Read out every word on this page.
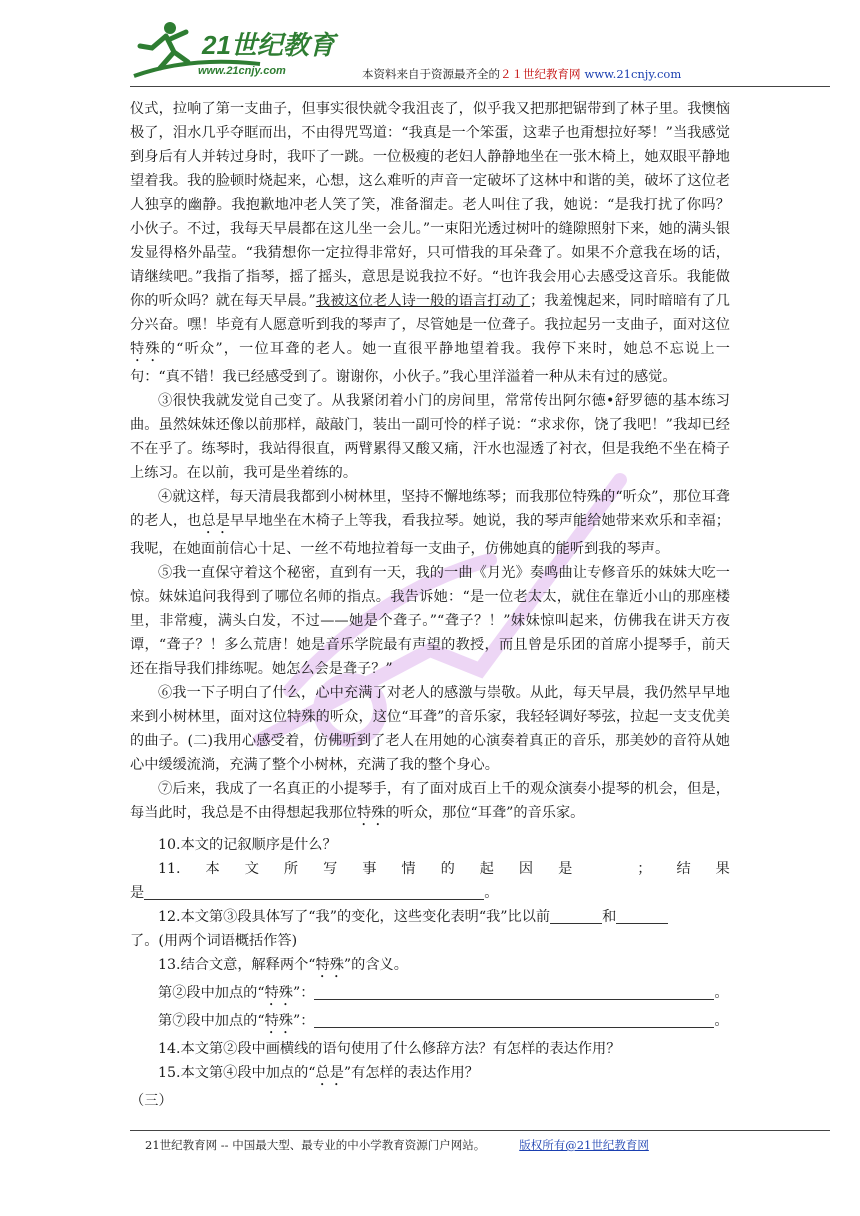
21世纪教育
www.21cnjy.com	本资料来自于资源最齐全的２１世纪教育网 www.21cnjy.com

仪式，拉响了第一支曲子，但事实很快就令我沮丧了，似乎我又把那把锯带到了林子里。我懊恼极了，泪水几乎夺眶而出，不由得咒骂道：“我真是一个笨蛋，这辈子也甭想拉好琴！”当我感觉到身后有人并转过身时，我吓了一跳。一位极瘦的老妇人静静地坐在一张木椅上，她双眼平静地望着我。我的脸顿时烧起来，心想，这么难听的声音一定破坏了这林中和谐的美，破坏了这位老人独享的幽静。我抱歉地冲老人笑了笑，准备溜走。老人叫住了我，她说：“是我打扰了你吗？小伙子。不过，我每天早晨都在这儿坐一会儿。”一束阳光透过树叶的缝隙照射下来，她的满头银发显得格外晶莹。“我猜想你一定拉得非常好，只可惜我的耳朵聋了。如果不介意我在场的话，请继续吧。”我指了指琴，摇了摇头，意思是说我拉不好。“也许我会用心去感受这音乐。我能做你的听众吗？就在每天早晨。”我被这位老人诗一般的语言打动了；我羞愧起来，同时暗暗有了几分兴奋。嘿！毕竟有人愿意听到我的琴声了，尽管她是一位聋子。我拉起另一支曲子，面对这位特殊的“听众”，一位耳聋的老人。她一直很平静地望着我。我停下来时，她总不忘说上一句：“真不错！我已经感受到了。谢谢你，小伙子。”我心里洋溢着一种从未有过的感觉。

③很快我就发觉自己变了。从我紧闭着小门的房间里，常常传出阿尔德•舒罗德的基本练习曲。虽然妹妹还像以前那样，敲敲门，装出一副可怜的样子说：“求求你，饶了我吧！”我却已经不在乎了。练琴时，我站得很直，两臂累得又酸又痛，汗水也湿透了衬衣，但是我绝不坐在椅子上练习。在以前，我可是坐着练的。

④就这样，每天清晨我都到小树林里，坚持不懈地练琴；而我那位特殊的“听众”，那位耳聋的老人，也总是早早地坐在木椅子上等我，看我拉琴。她说，我的琴声能给她带来欢乐和幸福；我呢，在她面前信心十足、一丝不苟地拉着每一支曲子，仿佛她真的能听到我的琴声。

⑤我一直保守着这个秘密，直到有一天，我的一曲《月光》奏鸣曲让专修音乐的妹妹大吃一惊。妹妹追问我得到了哪位名师的指点。我告诉她：“是一位老太太，就住在靠近小山的那座楼里，非常瘦，满头白发，不过——她是个聋子。”“聋子？！”妹妹惊叫起来，仿佛我在讲天方夜谭，“聋子？！多么荒唐！她是音乐学院最有声望的教授，而且曾是乐团的首席小提琴手，前天还在指导我们排练呢。她怎么会是聋子？”

⑥我一下子明白了什么，心中充满了对老人的感激与崇敬。从此，每天早晨，我仍然早早地来到小树林里，面对这位特殊的听众，这位“耳聋”的音乐家，我轻轻调好琴弦，拉起一支支优美的曲子。(二)我用心感受着，仿佛听到了老人在用她的心演奏着真正的音乐，那美妙的音符从她心中缓缓流淌，充满了整个小树林，充满了我的整个身心。

⑦后来，我成了一名真正的小提琴手，有了面对成百上千的观众演奏小提琴的机会，但是，每当此时，我总是不由得想起我那位特殊的听众，那位“耳聋”的音乐家。

10.本文的记叙顺序是什么？

11. 本 文 所 写 事 情 的 起 因 是	； 结 果

是	。

12.本文第③段具体写了“我”的变化，这些变化表明“我”比以前	和

了。(用两个词语概括作答)

13.结合文意，解释两个“特殊”的含义。

第②段中加点的“特殊”：	。

第⑦段中加点的“特殊”：	。

14.本文第②段中画横线的语句使用了什么修辞方法？有怎样的表达作用？

15.本文第④段中加点的“总是”有怎样的表达作用？

（三）

21世纪教育网 -- 中国最大型、最专业的中小学教育资源门户网站。	版权所有@21世纪教育网
